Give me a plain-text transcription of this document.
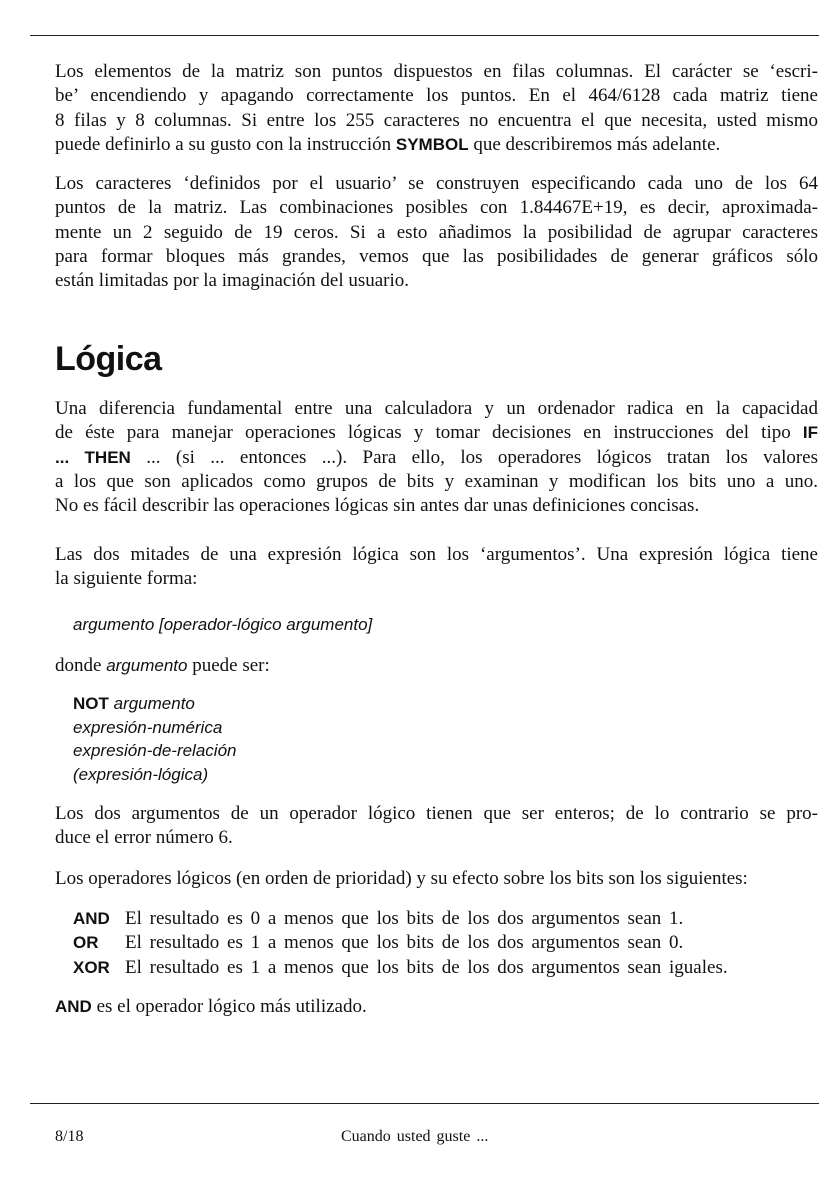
Lógica
Los elementos de la matriz son puntos dispuestos en filas columnas. El carácter se ‘escri-
be’ encendiendo y apagando correctamente los puntos. En el 464/6128 cada matriz tiene
8 filas y 8 columnas. Si entre los 255 caracteres no encuentra el que necesita, usted mismo
puede definirlo a su gusto con la instrucción SYMBOL que describiremos más adelante.
Los caracteres ‘definidos por el usuario’ se construyen especificando cada uno de los 64
puntos de la matriz. Las combinaciones posibles con 1.84467E+19, es decir, aproximada-
mente un 2 seguido de 19 ceros. Si a esto añadimos la posibilidad de agrupar caracteres
para formar bloques más grandes, vemos que las posibilidades de generar gráficos sólo
están limitadas por la imaginación del usuario.
Una diferencia fundamental entre una calculadora y un ordenador radica en la capacidad
de éste para manejar operaciones lógicas y tomar decisiones en instrucciones del tipo IF
... THEN ... (si ... entonces ...). Para ello, los operadores lógicos tratan los valores
a los que son aplicados como grupos de bits y examinan y modifican los bits uno a uno.
No es fácil describir las operaciones lógicas sin antes dar unas definiciones concisas.
Las dos mitades de una expresión lógica son los ‘argumentos’. Una expresión lógica tiene
la siguiente forma:
argumento [operador-lógico argumento]
donde argumento puede ser:
NOT argumento
expresión-numérica
expresión-de-relación
(expresión-lógica)
Los dos argumentos de un operador lógico tienen que ser enteros; de lo contrario se pro-
duce el error número 6.
Los operadores lógicos (en orden de prioridad) y su efecto sobre los bits son los siguientes:
AND es el operador lógico más utilizado.
AND El resultado es 0 a menos que los bits de los dos argumentos sean 1.
OR El resultado es 1 a menos que los bits de los dos argumentos sean 0.
XOR El resultado es 1 a menos que los bits de los dos argumentos sean iguales.
8/18	Cuando usted guste ...
